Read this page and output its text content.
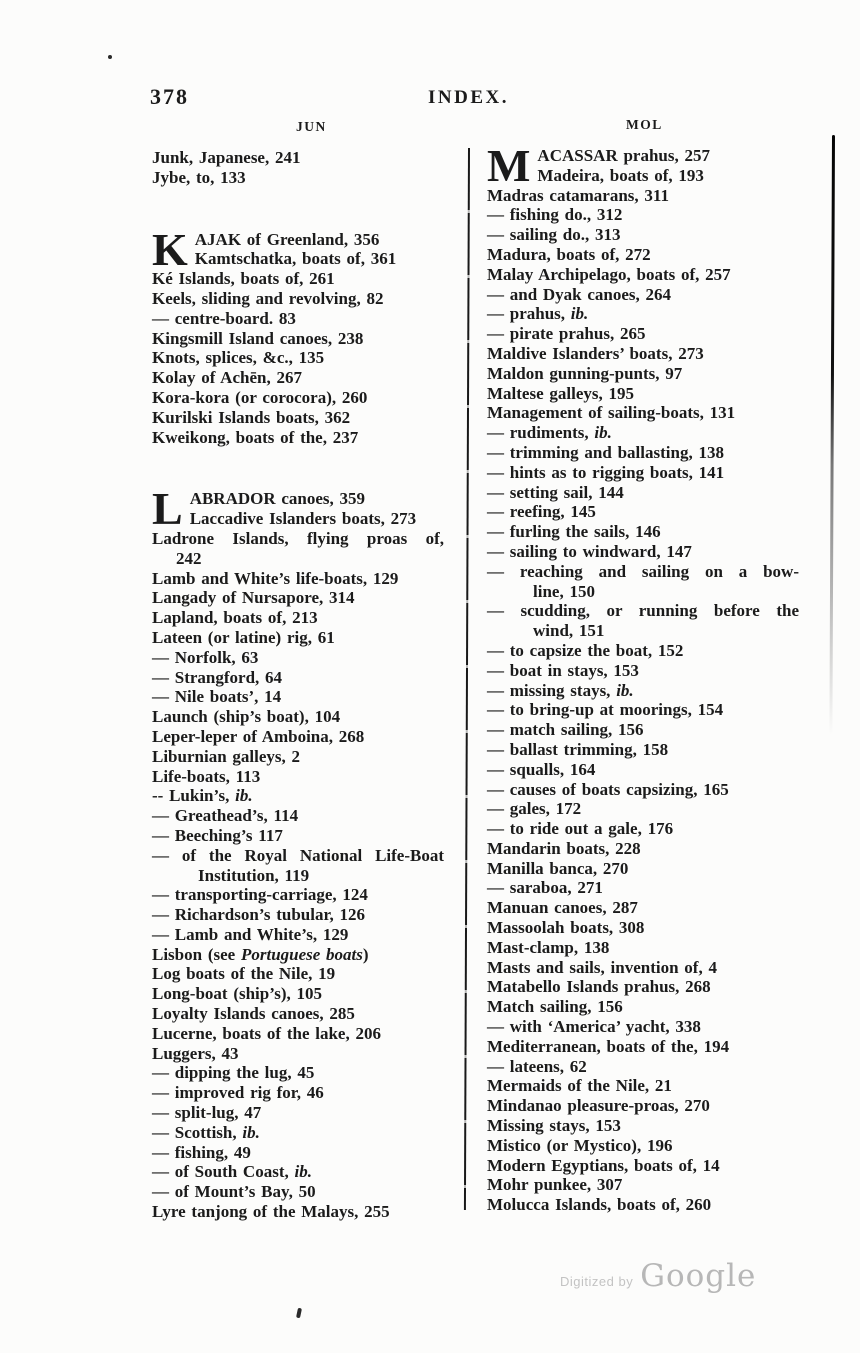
378	INDEX.
JUN	MOL
Junk, Japanese, 241
Jybe, to, 133
K AJAK of Greenland, 356
Kamtschatka, boats of, 361
Ké Islands, boats of, 261
Keels, sliding and revolving, 82
— centre-board. 83
Kingsmill Island canoes, 238
Knots, splices, &c., 135
Kolay of Achēn, 267
Kora-kora (or corocora), 260
Kurilski Islands boats, 362
Kweikong, boats of the, 237
L ABRADOR canoes, 359
Laccadive Islanders boats, 273
Ladrone Islands, flying proas of,
242
Lamb and White’s life-boats, 129
Langady of Nursapore, 314
Lapland, boats of, 213
Lateen (or latine) rig, 61
— Norfolk, 63
— Strangford, 64
— Nile boats’, 14
Launch (ship’s boat), 104
Leper-leper of Amboina, 268
Liburnian galleys, 2
Life-boats, 113
-- Lukin’s, ib.
— Greathead’s, 114
— Beeching’s 117
— of the Royal National Life-Boat
Institution, 119
— transporting-carriage, 124
— Richardson’s tubular, 126
— Lamb and White’s, 129
Lisbon (see Portuguese boats)
Log boats of the Nile, 19
Long-boat (ship’s), 105
Loyalty Islands canoes, 285
Lucerne, boats of the lake, 206
Luggers, 43
— dipping the lug, 45
— improved rig for, 46
— split-lug, 47
— Scottish, ib.
— fishing, 49
— of South Coast, ib.
— of Mount’s Bay, 50
Lyre tanjong of the Malays, 255
M ACASSAR prahus, 257
Madeira, boats of, 193
Madras catamarans, 311
— fishing do., 312
— sailing do., 313
Madura, boats of, 272
Malay Archipelago, boats of, 257
— and Dyak canoes, 264
— prahus, ib.
— pirate prahus, 265
Maldive Islanders’ boats, 273
Maldon gunning-punts, 97
Maltese galleys, 195
Management of sailing-boats, 131
— rudiments, ib.
— trimming and ballasting, 138
— hints as to rigging boats, 141
— setting sail, 144
— reefing, 145
— furling the sails, 146
— sailing to windward, 147
— reaching and sailing on a bow-
line, 150
— scudding, or running before the
wind, 151
— to capsize the boat, 152
— boat in stays, 153
— missing stays, ib.
— to bring-up at moorings, 154
— match sailing, 156
— ballast trimming, 158
— squalls, 164
— causes of boats capsizing, 165
— gales, 172
— to ride out a gale, 176
Mandarin boats, 228
Manilla banca, 270
— saraboa, 271
Manuan canoes, 287
Massoolah boats, 308
Mast-clamp, 138
Masts and sails, invention of, 4
Matabello Islands prahus, 268
Match sailing, 156
— with ‘America’ yacht, 338
Mediterranean, boats of the, 194
— lateens, 62
Mermaids of the Nile, 21
Mindanao pleasure-proas, 270
Missing stays, 153
Mistico (or Mystico), 196
Modern Egyptians, boats of, 14
Mohr punkee, 307
Molucca Islands, boats of, 260
Digitized by Google
